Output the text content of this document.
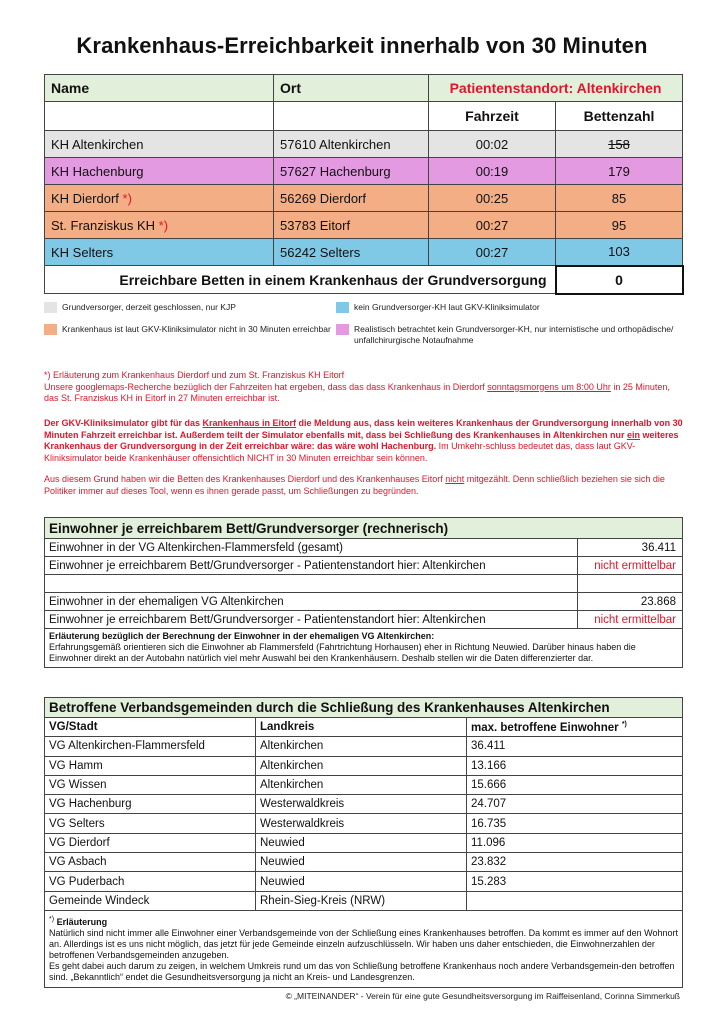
Krankenhaus-Erreichbarkeit innerhalb von 30 Minuten
Name	Ort	Patientenstandort: Altenkirchen	
		Fahrzeit	Bettenzahl
KH Altenkirchen	57610 Altenkirchen	00:02	158
KH Hachenburg	57627 Hachenburg	00:19	179
KH Dierdorf *)	56269 Dierdorf	00:25	85
St. Franziskus KH *)	53783 Eitorf	00:27	95
KH Selters	56242 Selters	00:27	103
Erreichbare Betten in einem Krankenhaus der Grundversorgung			0
Grundversorger, derzeit geschlossen, nur KJP	kein Grundversorger-KH laut GKV-Kliniksimulator
Krankenhaus ist laut GKV-Kliniksimulator nicht in 30 Minuten erreichbar	Realistisch betrachtet kein Grundversorger-KH, nur internistische und orthopädische/ unfallchirurgische Notaufnahme
*) Erläuterung zum Krankenhaus Dierdorf und zum St. Franziskus KH Eitorf
Unsere googlemaps-Recherche bezüglich der Fahrzeiten hat ergeben, dass das dass Krankenhaus in Dierdorf sonntagsmorgens um 8:00 Uhr in 25 Minuten, das St. Franziskus KH in Eitorf in 27 Minuten erreichbar ist.
Der GKV-Kliniksimulator gibt für das Krankenhaus in Eitorf die Meldung aus, dass kein weiteres Krankenhaus der Grundversorgung innerhalb von 30 Minuten Fahrzeit erreichbar ist. Außerdem teilt der Simulator ebenfalls mit, dass bei Schließung des Krankenhauses in Altenkirchen nur ein weiteres Krankenhaus der Grundversorgung in der Zeit erreichbar wäre: das wäre wohl Hachenburg. Im Umkehr-schluss bedeutet das, dass laut GKV-Kliniksimulator beide Krankenhäuser offensichtlich NICHT in 30 Minuten erreichbar sein können.
Aus diesem Grund haben wir die Betten des Krankenhauses Dierdorf und des Krankenhauses Eitorf nicht mitgezählt. Denn schließlich beziehen sie sich die Politiker immer auf dieses Tool, wenn es ihnen gerade passt, um Schließungen zu begründen.
Einwohner je erreichbarem Bett/Grundversorger (rechnerisch)	
Einwohner in der VG Altenkirchen-Flammersfeld (gesamt)	36.411
Einwohner je erreichbarem Bett/Grundversorger - Patientenstandort hier: Altenkirchen	nicht ermittelbar

Einwohner in der ehemaligen VG Altenkirchen	23.868
Einwohner je erreichbarem Bett/Grundversorger - Patientenstandort hier: Altenkirchen	nicht ermittelbar
Erläuterung bezüglich der Berechnung der Einwohner in der ehemaligen VG Altenkirchen:
Erfahrungsgemäß orientieren sich die Einwohner ab Flammersfeld (Fahrtrichtung Horhausen) eher in Richtung Neuwied. Darüber hinaus haben die Einwohner direkt an der Autobahn natürlich viel mehr Auswahl bei den Krankenhäusern. Deshalb stellen wir die Daten differenzierter dar.	
Betroffene Verbandsgemeinden durch die Schließung des Krankenhauses Altenkirchen		
VG/Stadt	Landkreis	max. betroffene Einwohner *)
VG Altenkirchen-Flammersfeld	Altenkirchen	36.411
VG Hamm	Altenkirchen	13.166
VG Wissen	Altenkirchen	15.666
VG Hachenburg	Westerwaldkreis	24.707
VG Selters	Westerwaldkreis	16.735
VG Dierdorf	Neuwied	11.096
VG Asbach	Neuwied	23.832
VG Puderbach	Neuwied	15.283
Gemeinde Windeck	Rhein-Sieg-Kreis (NRW)	
*) Erläuterung
Natürlich sind nicht immer alle Einwohner einer Verbandsgemeinde von der Schließung eines Krankenhauses betroffen. Da kommt es immer auf den Wohnort an. Allerdings ist es uns nicht möglich, das jetzt für jede Gemeinde einzeln aufzuschlüsseln. Wir haben uns daher entschieden, die Einwohnerzahlen der betroffenen Verbandsgemeinden anzugeben.
Es geht dabei auch darum zu zeigen, in welchem Umkreis rund um das von Schließung betroffene Krankenhaus noch andere Verbandsgemein-den betroffen sind. „Bekanntlich“ endet die Gesundheitsversorgung ja nicht an Kreis- und Landesgrenzen.		
© „MITEINANDER“ - Verein für eine gute Gesundheitsversorgung im Raiffeisenland, Corinna Simmerkuß
